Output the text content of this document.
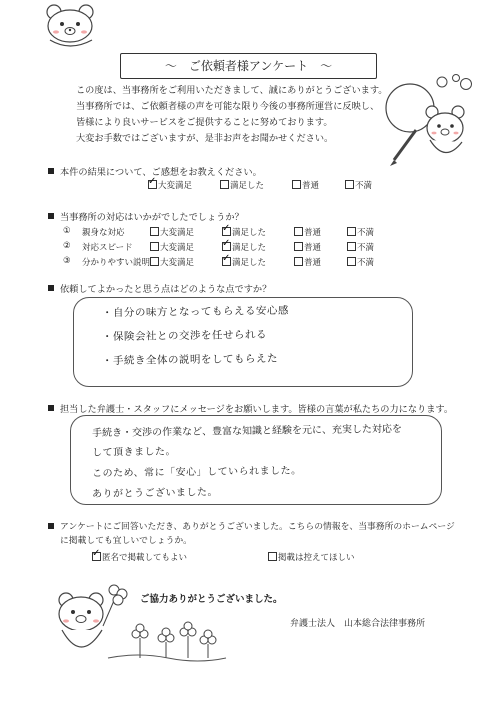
～　ご依頼者様アンケート　～
この度は、当事務所をご利用いただきまして、誠にありがとうございます。
当事務所では、ご依頼者様の声を可能な限り今後の事務所運営に反映し、
皆様により良いサービスをご提供することに努めております。
大変お手数ではございますが、是非お声をお聞かせください。
本件の結果について、ご感想をお教えください。
✓大変満足	満足した	普通	不満
当事務所の対応はいかがでしたでしょうか？
① 親身な対応	大変満足 ✓	満足した	普通	不満
② 対応スピード	大変満足 ✓	満足した	普通	不満
③ 分かりやすい説明	大変満足 ✓	満足した	普通	不満
依頼してよかったと思う点はどのような点ですか？
・自分の味方となってもらえる安心感
・保険会社との交渉を任せられる
・手続き全体の説明をしてもらえた
担当した弁護士・スタッフにメッセージをお願いします。皆様の言葉が私たちの力になります。
手続き・交渉の作業など、豊富な知識と経験を元に、充実した対応を
して頂きました。
このため、常に「安心」していられました。
ありがとうございました。
アンケートにご回答いただき、ありがとうございました。こちらの情報を、当事務所のホームページ
に掲載しても宜しいでしょうか。
✓匿名で掲載してもよい	掲載は控えてほしい
ご協力ありがとうございました。
弁護士法人　山本総合法律事務所
